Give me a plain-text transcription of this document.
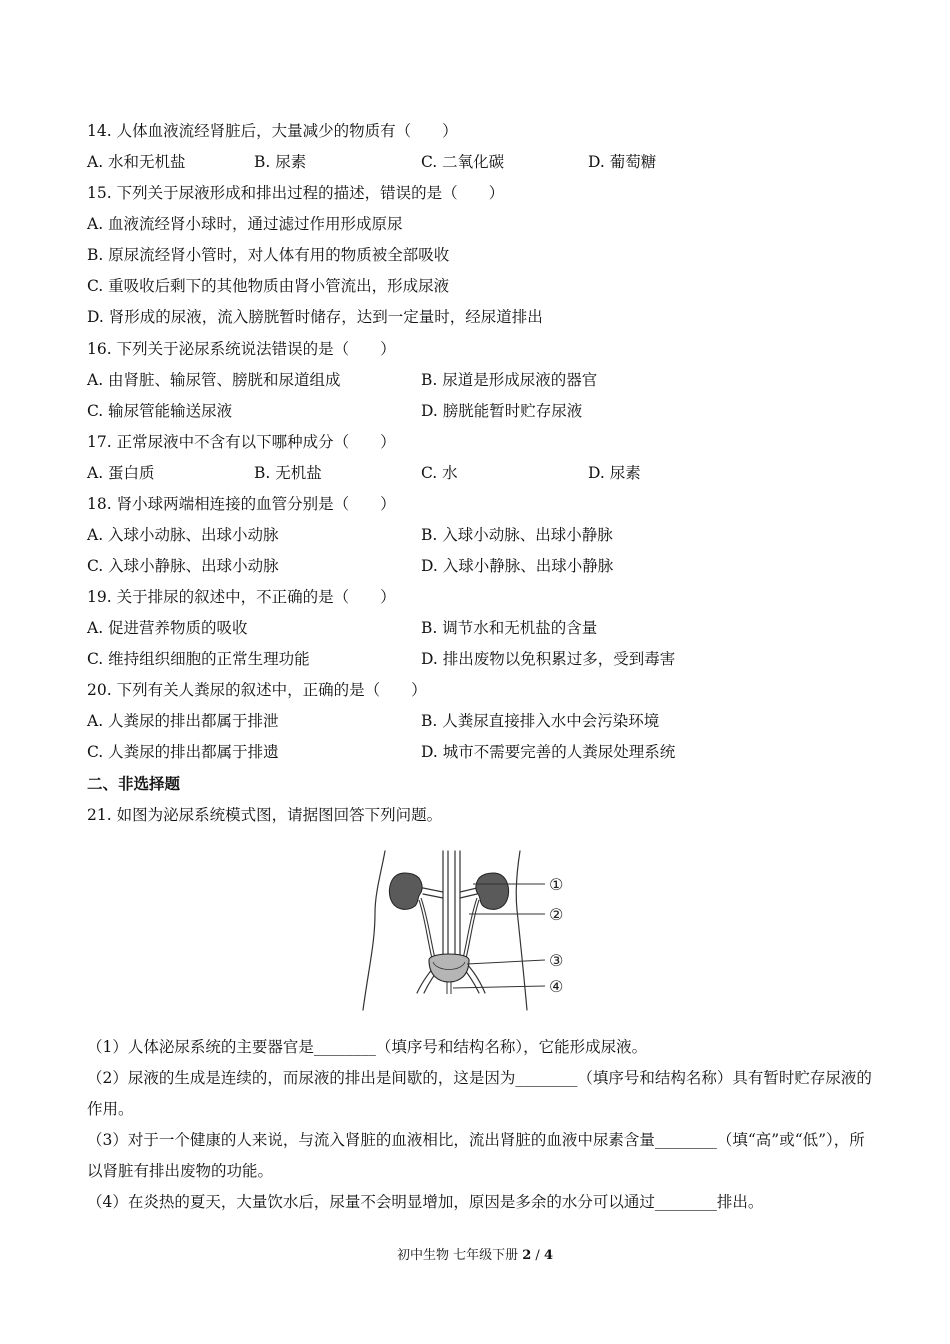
14. 人体血液流经肾脏后，大量减少的物质有（　　）
A. 水和无机盐	B. 尿素	C. 二氧化碳	D. 葡萄糖
15. 下列关于尿液形成和排出过程的描述，错误的是（　　）
A. 血液流经肾小球时，通过滤过作用形成原尿
B. 原尿流经肾小管时，对人体有用的物质被全部吸收
C. 重吸收后剩下的其他物质由肾小管流出，形成尿液
D. 肾形成的尿液，流入膀胱暂时储存，达到一定量时，经尿道排出
16. 下列关于泌尿系统说法错误的是（　　）
A. 由肾脏、输尿管、膀胱和尿道组成	B. 尿道是形成尿液的器官
C. 输尿管能输送尿液	D. 膀胱能暂时贮存尿液
17. 正常尿液中不含有以下哪种成分（　　）
A. 蛋白质	B. 无机盐	C. 水	D. 尿素
18. 肾小球两端相连接的血管分别是（　　）
A. 入球小动脉、出球小动脉	B. 入球小动脉、出球小静脉
C. 入球小静脉、出球小动脉	D. 入球小静脉、出球小静脉
19. 关于排尿的叙述中，不正确的是（　　）
A. 促进营养物质的吸收	B. 调节水和无机盐的含量
C. 维持组织细胞的正常生理功能	D. 排出废物以免积累过多，受到毒害
20. 下列有关人粪尿的叙述中，正确的是（　　）
A. 人粪尿的排出都属于排泄	B. 人粪尿直接排入水中会污染环境
C. 人粪尿的排出都属于排遗	D. 城市不需要完善的人粪尿处理系统
二、非选择题
21. 如图为泌尿系统模式图，请据图回答下列问题。
①
②
③
④
（1）人体泌尿系统的主要器官是________（填序号和结构名称），它能形成尿液。
（2）尿液的生成是连续的，而尿液的排出是间歇的，这是因为________（填序号和结构名称）具有暂时贮存尿液的作用。
（3）对于一个健康的人来说，与流入肾脏的血液相比，流出肾脏的血液中尿素含量________（填“高”或“低”），所以肾脏有排出废物的功能。
（4）在炎热的夏天，大量饮水后，尿量不会明显增加，原因是多余的水分可以通过________排出。
初中生物 七年级下册 2 / 4
